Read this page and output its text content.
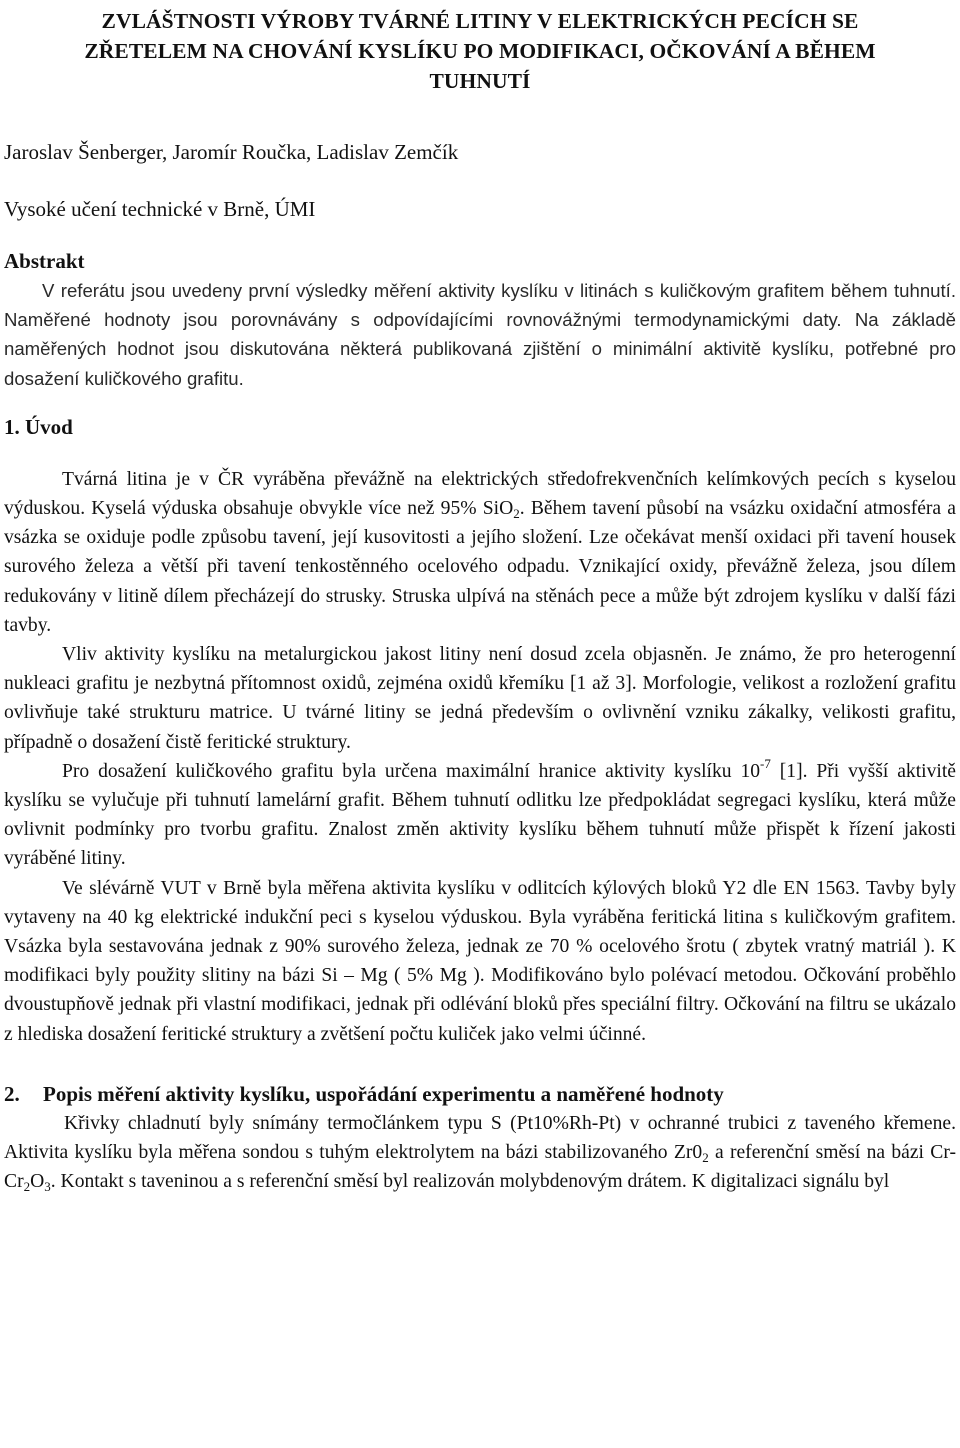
ZVLÁŠTNOSTI VÝROBY TVÁRNÉ LITINY V ELEKTRICKÝCH PECÍCH SE
ZŘETELEM NA CHOVÁNÍ KYSLÍKU PO MODIFIKACI, OČKOVÁNÍ A BĚHEM
TUHNUTÍ
Jaroslav Šenberger, Jaromír Roučka, Ladislav Zemčík
Vysoké učení technické v Brně, ÚMI
Abstrakt

V referátu jsou uvedeny první výsledky měření aktivity kyslíku v litinách s kuličkovým grafitem během tuhnutí. Naměřené hodnoty jsou porovnávány s odpovídajícími rovnovážnými termodynamickými daty. Na základě naměřených hodnot jsou diskutována některá publikovaná zjištění o minimální aktivitě kyslíku, potřebné pro dosažení kuličkového grafitu.

1. Úvod

Tvárná litina je v ČR vyráběna převážně na elektrických středofrekvenčních kelímkových pecích s kyselou výduskou. Kyselá výduska obsahuje obvykle více než 95% SiO$_2$. Během tavení působí na vsázku oxidační atmosféra a vsázka se oxiduje podle způsobu tavení, její kusovitosti a jejího složení. Lze očekávat menší oxidaci při tavení housek surového železa a větší při tavení tenkostěnného ocelového odpadu. Vznikající oxidy, převážně železa, jsou dílem redukovány v litině dílem přecházejí do strusky. Struska ulpívá na stěnách pece a může být zdrojem kyslíku v další fázi tavby.

Vliv aktivity kyslíku na metalurgickou jakost litiny není dosud zcela objasněn. Je známo, že pro heterogenní nukleaci grafitu je nezbytná přítomnost oxidů, zejména oxidů křemíku [1 až 3]. Morfologie, velikost a rozložení grafitu ovlivňuje také strukturu matrice. U tvárné litiny se jedná především o ovlivnění vzniku zákalky, velikosti grafitu, případně o dosažení čistě feritické struktury.

Pro dosažení kuličkového grafitu byla určena maximální hranice aktivity kyslíku $10^{-7}$ [1]. Při vyšší aktivitě kyslíku se vylučuje při tuhnutí lamelární grafit. Během tuhnutí odlitku lze předpokládat segregaci kyslíku, která může ovlivnit podmínky pro tvorbu grafitu. Znalost změn aktivity kyslíku během tuhnutí může přispět k řízení jakosti vyráběné litiny.

Ve slévárně VUT v Brně byla měřena aktivita kyslíku v odlitcích kýlových bloků Y2 dle EN 1563. Tavby byly vytaveny na 40 kg elektrické indukční peci s kyselou výduskou. Byla vyráběna feritická litina s kuličkovým grafitem. Vsázka byla sestavována jednak z 90% surového železa, jednak ze 70 % ocelového šrotu ( zbytek vratný matriál ). K modifikaci byly použity slitiny na bázi Si – Mg ( 5% Mg ). Modifikováno bylo polévací metodou. Očkování proběhlo dvoustupňově jednak při vlastní modifikaci, jednak při odlévání bloků přes speciální filtry. Očkování na filtru se ukázalo z hlediska dosažení feritické struktury a zvětšení počtu kuliček jako velmi účinné.

2. Popis měření aktivity kyslíku, uspořádání experimentu a naměřené hodnoty

Křivky chladnutí byly snímány termočlánkem typu S (Pt10%Rh-Pt) v ochranné trubici z taveného křemene. Aktivita kyslíku byla měřena sondou s tuhým elektrolytem na bázi stabilizovaného $Zr0_2$ a referenční směsí na bázi $Cr-Cr_2O_3$. Kontakt s taveninou a s referenční směsí byl realizován molybdenovým drátem. K digitalizaci signálu byl
